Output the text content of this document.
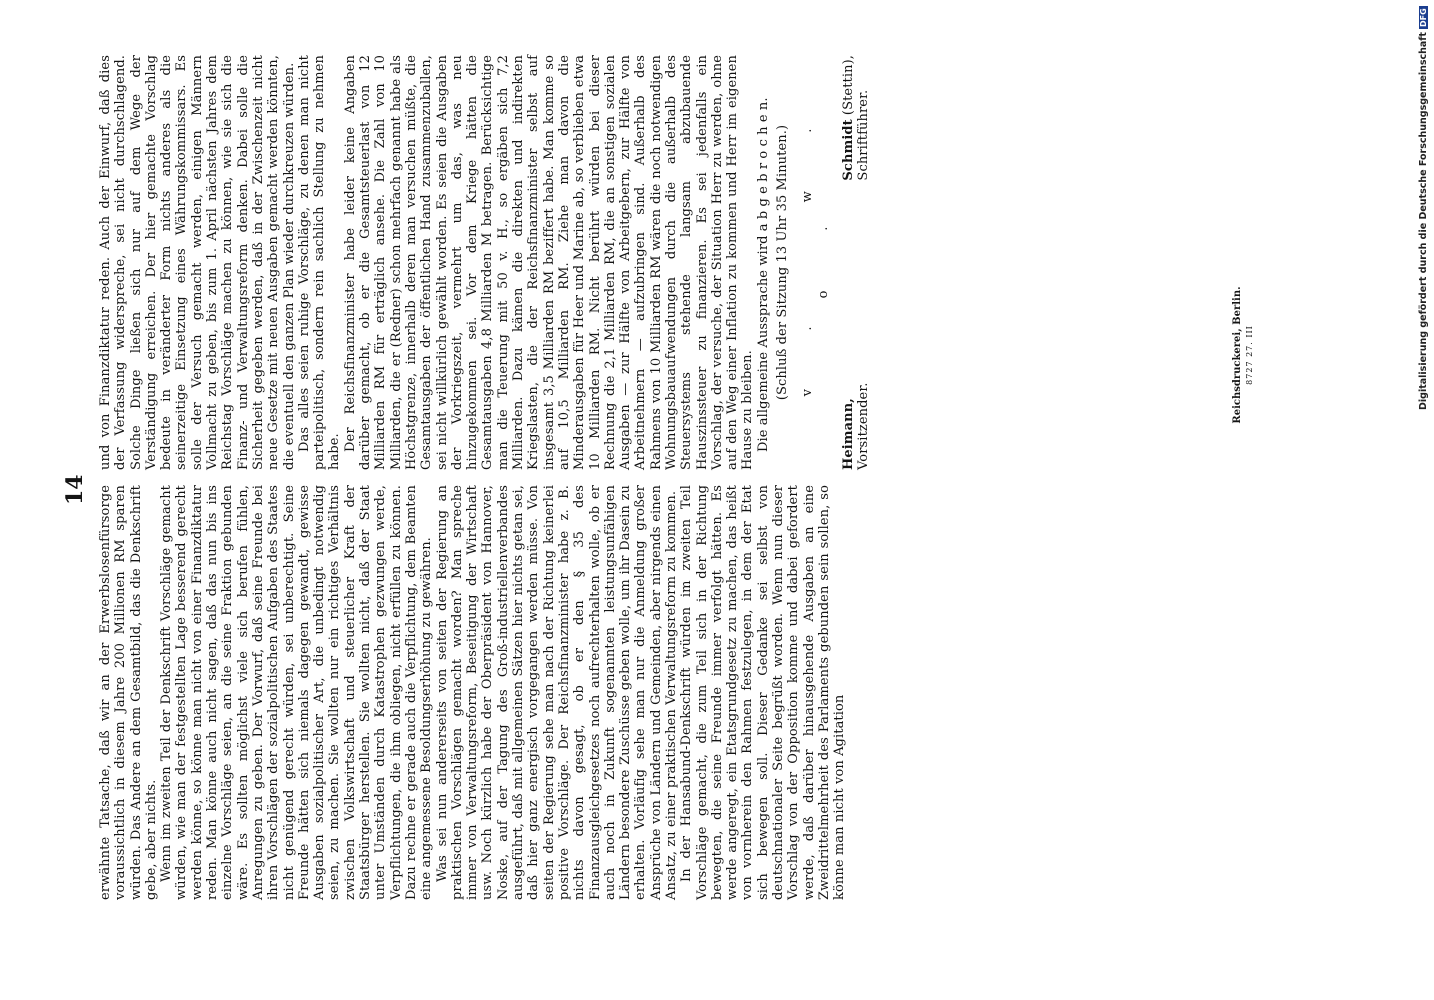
14 erwähnte Tatsache, daß wir an der Erwerbslosenfürsorge voraussichtlich in diesem Jahre 200 Millionen RM sparen würden. Das Andere an dem Gesamtbild, das die Denkschrift gebe, aber nichts. Wenn im zweiten Teil der Denkschrift Vorschläge gemacht würden, wie man der festgestellten Lage besserend gerecht werden könne, so könne man nicht von einer Finanzdiktatur reden. Man könne auch nicht sagen, daß das nun bis ins einzelne Vorschläge seien, an die seine Fraktion gebunden wäre. Es sollten möglichst viele sich berufen fühlen, Anregungen zu geben. Der Vorwurf, daß seine Freunde bei ihren Vorschlägen der sozialpolitischen Aufgaben des Staates nicht genügend gerecht würden, sei unberechtigt. Seine Freunde hätten sich niemals dagegen gewandt, gewisse Ausgaben sozialpolitischer Art, die unbedingt notwendig seien, zu machen. Sie wollten nur ein richtiges Verhältnis zwischen Volkswirtschaft und steuerlicher Kraft der Staatsbürger herstellen. Sie wollten nicht, daß der Staat unter Umständen durch Katastrophen gezwungen werde, Verpflichtungen, die ihm obliegen, nicht erfüllen zu können. Dazu rechne er gerade auch die Verpflichtung, dem Beamten eine angemessene Besoldungserhöhung zu gewähren. Was sei nun andererseits von seiten der Regierung an praktischen Vorschlägen gemacht worden? Man spreche immer von Verwaltungsreform, Beseitigung der Wirtschaft usw. Noch kürzlich habe der Oberpräsident von Hannover, Noske, auf der Tagung des Groß-industriellenverbandes ausgeführt, daß mit allgemeinen Sätzen hier nichts getan sei, daß hier ganz energisch vorgegangen werden müsse. Von seiten der Regierung sehe man nach der Richtung keinerlei positive Vorschläge. Der Reichsfinanzminister habe z. B. nichts davon gesagt, ob er den § 35 des Finanzausgleichgesetzes noch aufrechterhalten wolle, ob er auch noch in Zukunft sogenannten leistungsunfähigen Ländern besondere Zuschüsse geben wolle, um ihr Dasein zu erhalten. Vorläufig sehe man nur die Anmeldung großer Ansprüche von Ländern und Gemeinden, aber nirgends einen Ansatz, zu einer praktischen Verwaltungsreform zu kommen. In der Hansabund-Denkschrift würden im zweiten Teil Vorschläge gemacht, die zum Teil sich in der Richtung bewegten, die seine Freunde immer verfolgt hätten. Es werde angeregt, ein Etatsgrundgesetz zu machen, das heißt von vornherein den Rahmen festzulegen, in dem der Etat sich bewegen soll. Dieser Gedanke sei selbst von deutschnationaler Seite begrüßt worden. Wenn nun dieser Vorschlag von der Opposition komme und dabei gefordert werde, daß darüber hinausgehende Ausgaben an eine Zweidrittelmehrheit des Parlaments gebunden sein sollen, so könne man nicht von Agitation

und von Finanzdiktatur reden. Auch der Einwurf, daß dies der Verfassung widerspreche, sei nicht durchschlagend. Solche Dinge ließen sich nur auf dem Wege der Verständigung erreichen. Der hier gemachte Vorschlag bedeute in veränderter Form nichts anderes als die seinerzeitige Einsetzung eines Währungskommissars. Es solle der Versuch gemacht werden, einigen Männern Vollmacht zu geben, bis zum 1. April nächsten Jahres dem Reichstag Vorschläge machen zu können, wie sie sich die Finanz- und Verwaltungsreform denken. Dabei solle die Sicherheit gegeben werden, daß in der Zwischenzeit nicht neue Gesetze mit neuen Ausgaben gemacht werden könnten, die eventuell den ganzen Plan wieder durchkreuzen würden. Das alles seien ruhige Vorschläge, zu denen man nicht parteipolitisch, sondern rein sachlich Stellung zu nehmen habe. Der Reichsfinanzminister habe leider keine Angaben darüber gemacht, ob er die Gesamtsteuerlast von 12 Milliarden RM für erträglich ansehe. Die Zahl von 10 Milliarden, die er (Redner) schon mehrfach genannt habe als Höchstgrenze, innerhalb deren man versuchen müßte, die Gesamtausgaben der öffentlichen Hand zusammenzuballen, sei nicht willkürlich gewählt worden. Es seien die Ausgaben der Vorkriegszeit, vermehrt um das, was neu hinzugekommen sei. Vor dem Kriege hätten die Gesamtausgaben 4,8 Milliarden M betragen. Berücksichtige man die Teuerung mit 50 v. H., so ergäben sich 7,2 Milliarden. Dazu kämen die direkten und indirekten Kriegslasten, die der Reichsfinanzminister selbst auf insgesamt 3,5 Milliarden RM beziffert habe. Man komme so auf 10,5 Milliarden RM. Ziehe man davon die Minderausgaben für Heer und Marine ab, so verblieben etwa 10 Milliarden RM. Nicht berührt würden bei dieser Rechnung die 2,1 Milliarden RM, die an sonstigen sozialen Ausgaben — zur Hälfte von Arbeitgebern, zur Hälfte von Arbeitnehmern — aufzubringen sind. Außerhalb des Rahmens von 10 Milliarden RM wären die noch notwendigen Wohnungsbauaufwendungen durch die außerhalb des Steuersystems stehende langsam abzubauende Hauszinssteuer zu finanzieren. Es sei jedenfalls ein Vorschlag, der versuche, der Situation Herr zu werden, ohne auf den Weg einer Inflation zu kommen und Herr im eigenen Hause zu bleiben. Die allgemeine Aussprache wird a b g e b r o c h e n. (Schluß der Sitzung 13 Uhr 35 Minuten.) v. w. o.
Heimann,
Vorsitzender.
Schmidt (Stettin),
Schriftführer.
Reichsdruckerei, Berlin. 8727 27. III	Digitalisierung gefördert durch die Deutsche ForschungsgemeinschaftDFG
